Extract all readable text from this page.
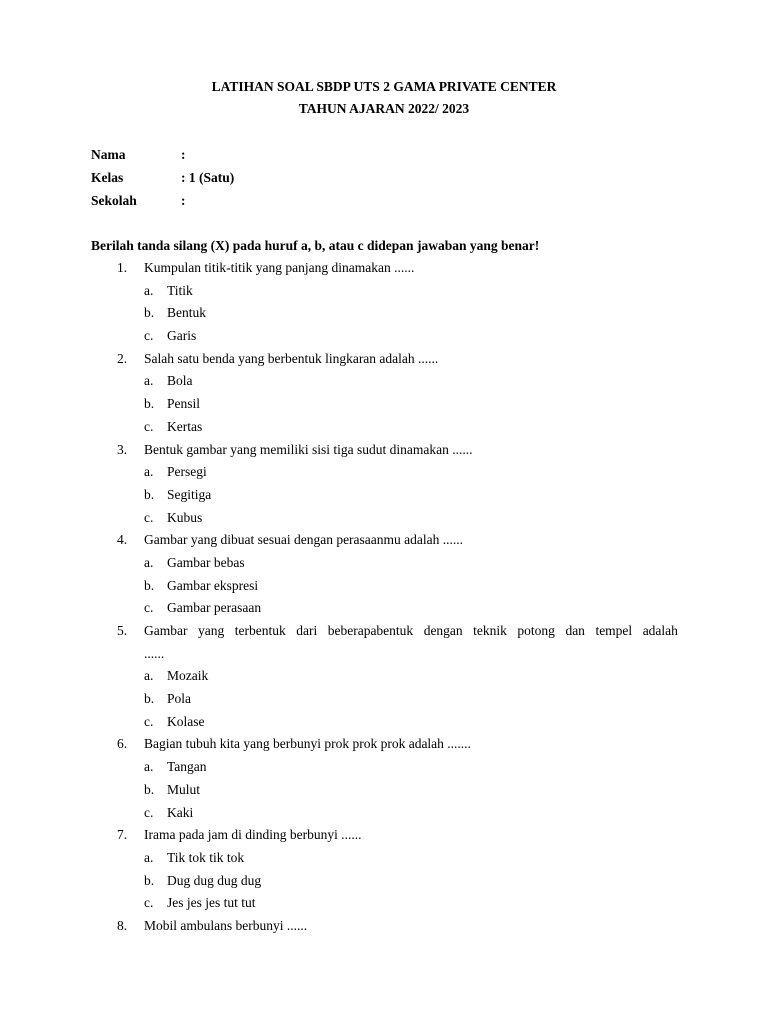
LATIHAN SOAL SBDP UTS 2 GAMA PRIVATE CENTER
TAHUN AJARAN 2022/ 2023
Nama	:
Kelas	: 1 (Satu)
Sekolah	:
Berilah tanda silang (X) pada huruf a, b, atau c didepan jawaban yang benar!
1.	Kumpulan titik-titik yang panjang dinamakan ......
a. Titik
b. Bentuk
c. Garis
2.	Salah satu benda yang berbentuk lingkaran adalah ......
a. Bola
b. Pensil
c. Kertas
3.	Bentuk gambar yang memiliki sisi tiga sudut dinamakan ......
a. Persegi
b. Segitiga
c. Kubus
4.	Gambar yang dibuat sesuai dengan perasaanmu adalah ......
a. Gambar bebas
b. Gambar ekspresi
c. Gambar perasaan
5.	Gambar yang terbentuk dari beberapabentuk dengan teknik potong dan tempel adalah
......
a. Mozaik
b. Pola
c. Kolase
6.	Bagian tubuh kita yang berbunyi prok prok prok adalah .......
a. Tangan
b. Mulut
c. Kaki
7.	Irama pada jam di dinding berbunyi ......
a. Tik tok tik tok
b. Dug dug dug dug
c. Jes jes jes tut tut
8.	Mobil ambulans berbunyi ......
